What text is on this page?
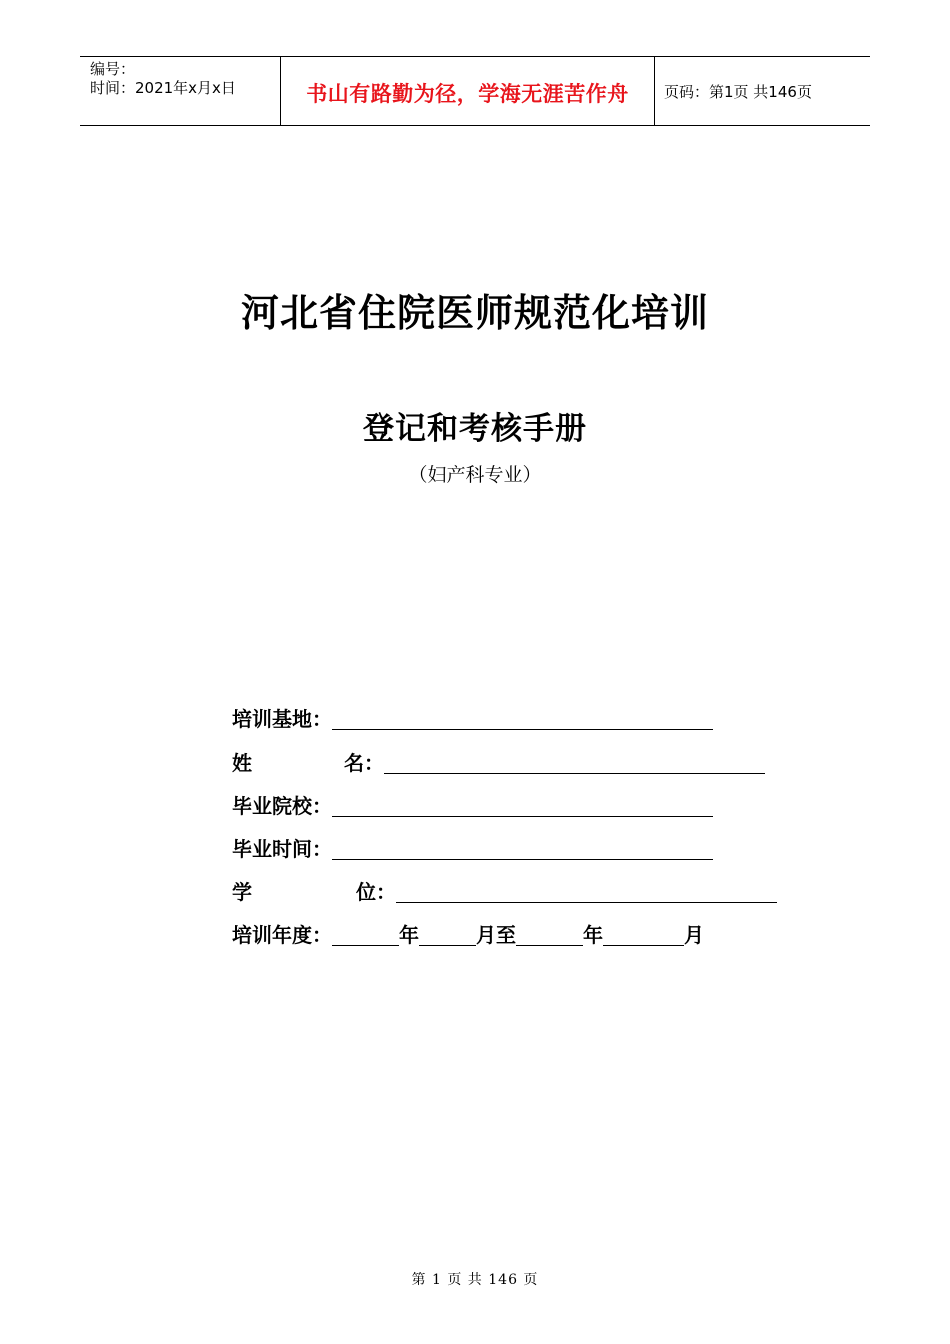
编号：
时间：2021年x月x日	书山有路勤为径，学海无涯苦作舟 页码：第1页 共146页
河北省住院医师规范化培训
登记和考核手册
（妇产科专业）
培训基地：
姓	名：
毕业院校：
毕业时间：
学	位：
培训年度：	年	月至	年	月
第 1 页 共 146 页
